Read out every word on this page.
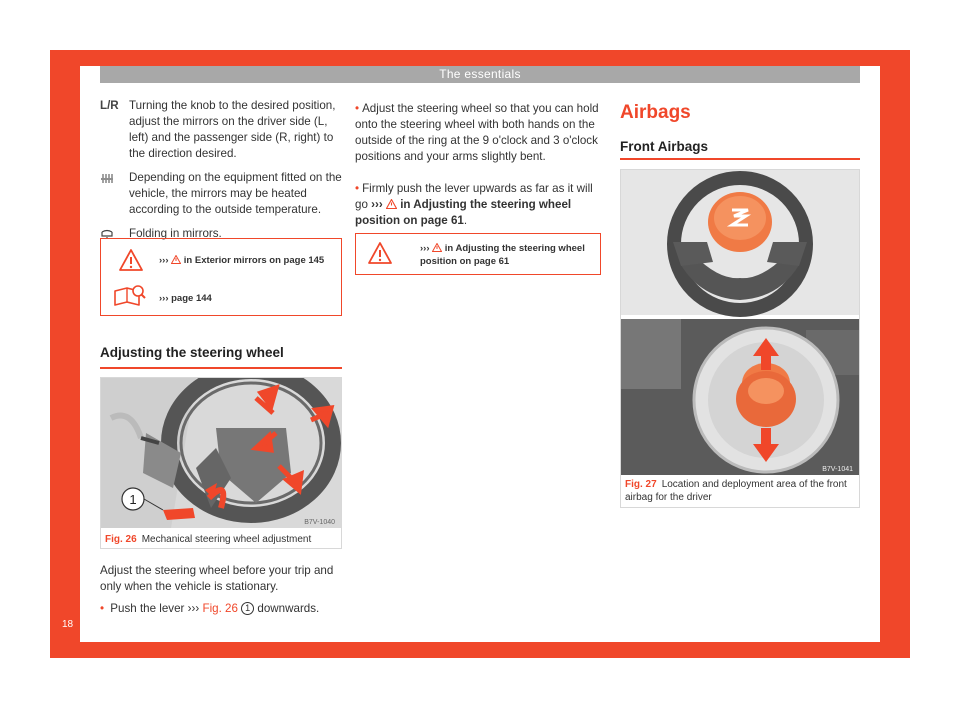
The essentials
18
L/R Turning the knob to the desired position, adjust the mirrors on the driver side (L, left) and the passenger side (R, right) to the direction desired.
Depending on the equipment fitted on the vehicle, the mirrors may be heated according to the outside temperature.
Folding in mirrors.
››› in Exterior mirrors on page 145
››› page 144
Adjusting the steering wheel
1
B7V-1040
Fig. 26 Mechanical steering wheel adjustment
Adjust the steering wheel before your trip and only when the vehicle is stationary.
• Push the lever ››› Fig. 26 1 downwards.
• Adjust the steering wheel so that you can hold onto the steering wheel with both hands on the outside of the ring at the 9 o'clock and 3 o'clock positions and your arms slightly bent.
• Firmly push the lever upwards as far as it will go ››› in Adjusting the steering wheel position on page 61.
››› in Adjusting the steering wheel position on page 61
Airbags
Front Airbags
B7V-1041
Fig. 27 Location and deployment area of the front airbag for the driver
